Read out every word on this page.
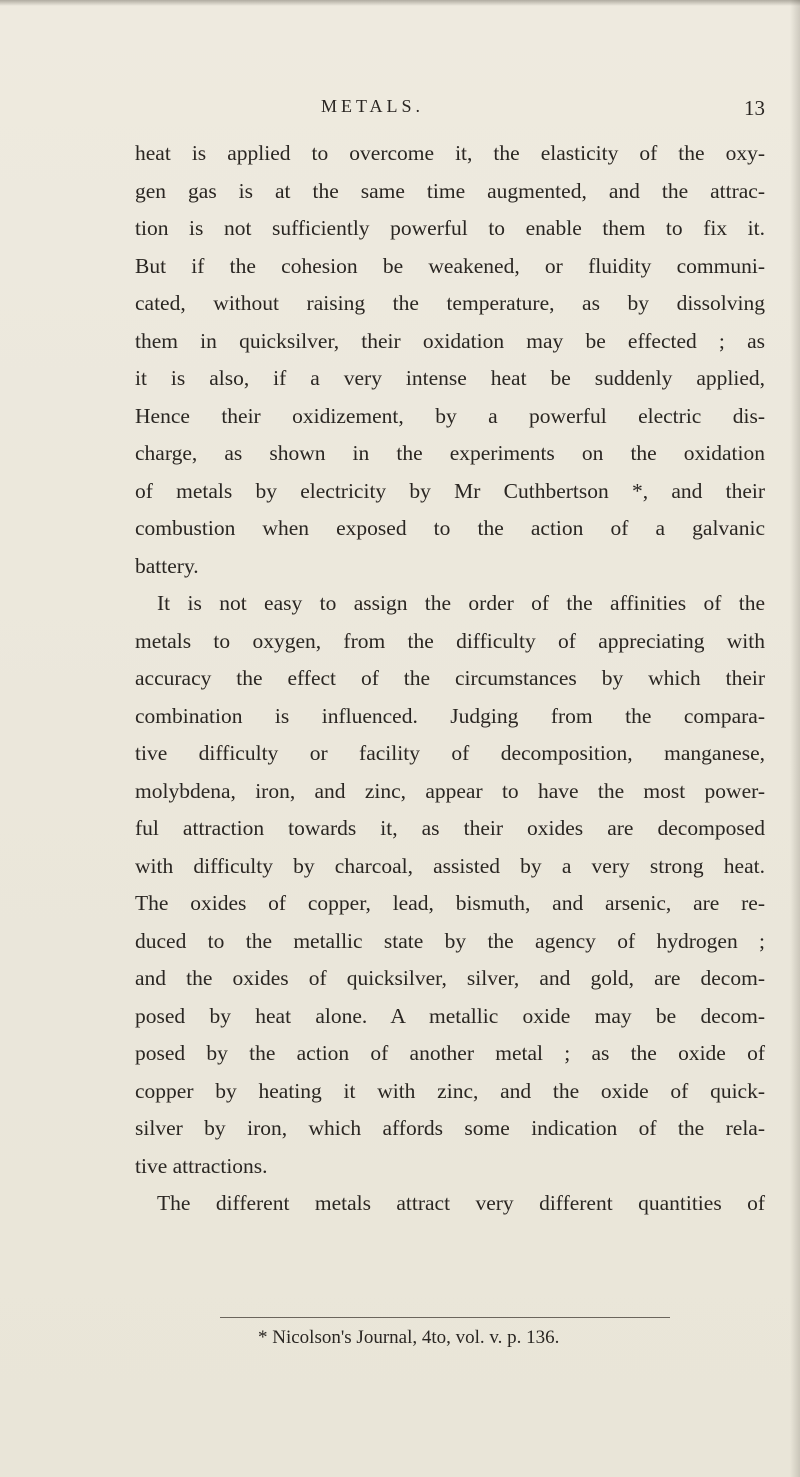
METALS.	13
heat is applied to overcome it, the elasticity of the oxy-
gen gas is at the same time augmented, and the attrac-
tion is not sufficiently powerful to enable them to fix it.
But if the cohesion be weakened, or fluidity communi-
cated, without raising the temperature, as by dissolving
them in quicksilver, their oxidation may be effected ; as
it is also, if a very intense heat be suddenly applied,
Hence their oxidizement, by a powerful electric dis-
charge, as shown in the experiments on the oxidation
of metals by electricity by Mr Cuthbertson *, and their
combustion when exposed to the action of a galvanic
battery.
It is not easy to assign the order of the affinities of the
metals to oxygen, from the difficulty of appreciating with
accuracy the effect of the circumstances by which their
combination is influenced. Judging from the compara-
tive difficulty or facility of decomposition, manganese,
molybdena, iron, and zinc, appear to have the most power-
ful attraction towards it, as their oxides are decomposed
with difficulty by charcoal, assisted by a very strong heat.
The oxides of copper, lead, bismuth, and arsenic, are re-
duced to the metallic state by the agency of hydrogen ;
and the oxides of quicksilver, silver, and gold, are decom-
posed by heat alone. A metallic oxide may be decom-
posed by the action of another metal ; as the oxide of
copper by heating it with zinc, and the oxide of quick-
silver by iron, which affords some indication of the rela-
tive attractions.
The different metals attract very different quantities of
* Nicolson's Journal, 4to, vol. v. p. 136.
